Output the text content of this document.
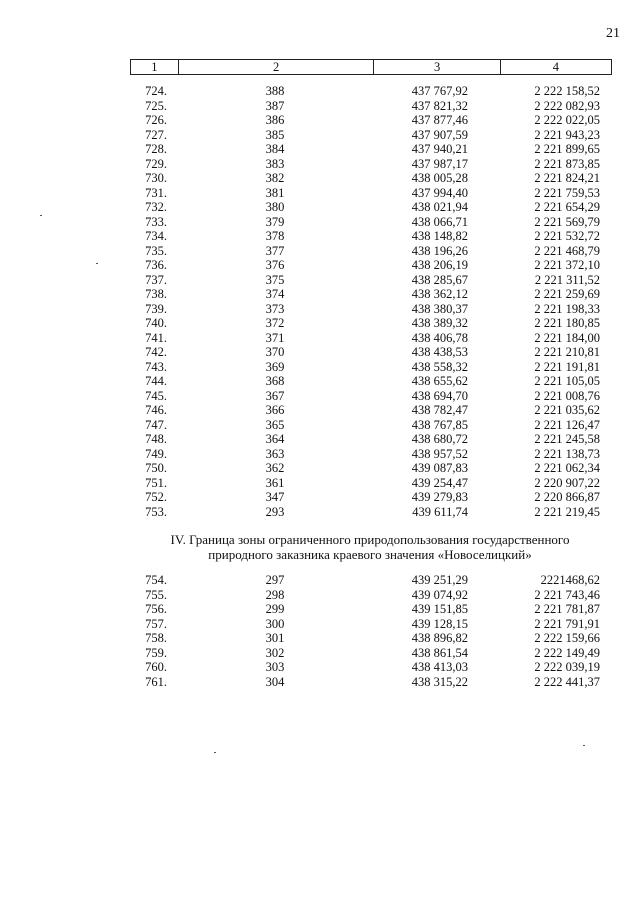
21
1	2	3	4
724.	388	437 767,92	2 222 158,52
725.	387	437 821,32	2 222 082,93
726.	386	437 877,46	2 222 022,05
727.	385	437 907,59	2 221 943,23
728.	384	437 940,21	2 221 899,65
729.	383	437 987,17	2 221 873,85
730.	382	438 005,28	2 221 824,21
731.	381	437 994,40	2 221 759,53
732.	380	438 021,94	2 221 654,29
733.	379	438 066,71	2 221 569,79
734.	378	438 148,82	2 221 532,72
735.	377	438 196,26	2 221 468,79
736.	376	438 206,19	2 221 372,10
737.	375	438 285,67	2 221 311,52
738.	374	438 362,12	2 221 259,69
739.	373	438 380,37	2 221 198,33
740.	372	438 389,32	2 221 180,85
741.	371	438 406,78	2 221 184,00
742.	370	438 438,53	2 221 210,81
743.	369	438 558,32	2 221 191,81
744.	368	438 655,62	2 221 105,05
745.	367	438 694,70	2 221 008,76
746.	366	438 782,47	2 221 035,62
747.	365	438 767,85	2 221 126,47
748.	364	438 680,72	2 221 245,58
749.	363	438 957,52	2 221 138,73
750.	362	439 087,83	2 221 062,34
751.	361	439 254,47	2 220 907,22
752.	347	439 279,83	2 220 866,87
753.	293	439 611,74	2 221 219,45
IV. Граница зоны ограниченного природопользования государственного
природного заказника краевого значения «Новоселицкий»
754.	297	439 251,29	2221468,62
755.	298	439 074,92	2 221 743,46
756.	299	439 151,85	2 221 781,87
757.	300	439 128,15	2 221 791,91
758.	301	438 896,82	2 222 159,66
759.	302	438 861,54	2 222 149,49
760.	303	438 413,03	2 222 039,19
761.	304	438 315,22	2 222 441,37
